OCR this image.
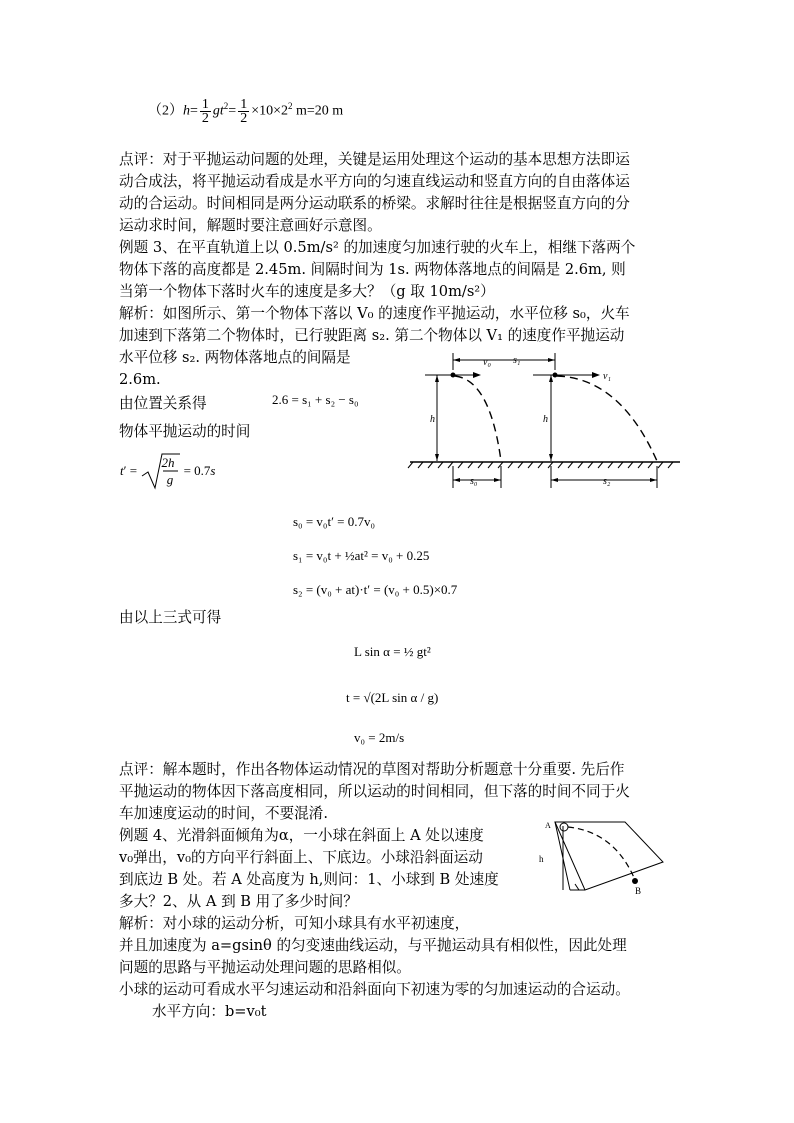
$(2)h= \frac{1}{2} gt^2= \frac{1}{2} \times 10\times 2^2$ m=20 m
点评：对于平抛运动问题的处理，关键是运用处理这个运动的基本思想方法即运
动合成法，将平抛运动看成是水平方向的匀速直线运动和竖直方向的自由落体运
动的合运动。时间相同是两分运动联系的桥梁。求解时往往是根据竖直方向的分
运动求时间，解题时要注意画好示意图。
例题 3、在平直轨道上以 0.5m/s² 的加速度匀加速行驶的火车上，相继下落两个
物体下落的高度都是 2.45m. 间隔时间为 1s. 两物体落地点的间隔是 2.6m, 则
当第一个物体下落时火车的速度是多大？（g 取 10m/s²）
解析：如图所示、第一个物体下落以 V₀ 的速度作平抛运动，水平位移 s₀，火车
加速到下落第二个物体时，已行驶距离 s₂. 第二个物体以 V₁ 的速度作平抛运动
水平位移 s₂. 两物体落地点的间隔是
2.6m.
由位置关系得	2.6 = s₁ + s₂ − s₀
物体平抛运动的时间
t′ =
2h
g
= 0.7s
v₀ s₁
h
v₁
h
s₀	s₂
s₀ = v₀t′ = 0.7v₀
s₁ = v₀t + ½at² = v₀ + 0.25
s₂ = (v₀ + at)·t′ = (v₀ + 0.5)×0.7
由以上三式可得
L sin α = ½ gt²
t = √(2L sin α / g)
v₀ = 2m/s
点评：解本题时，作出各物体运动情况的草图对帮助分析题意十分重要. 先后作
平抛运动的物体因下落高度相同，所以运动的时间相同，但下落的时间不同于火
车加速度运动的时间，不要混淆.
例题 4、光滑斜面倾角为α，一小球在斜面上 A 处以速度
v₀弹出，v₀的方向平行斜面上、下底边。小球沿斜面运动
到底边 B 处。若 A 处高度为 h,则问：1、小球到 B 处速度
多大？2、从 A 到 B 用了多少时间？
A
h
B
解析：对小球的运动分析，可知小球具有水平初速度，
并且加速度为 a=gsinθ 的匀变速曲线运动，与平抛运动具有相似性，因此处理
问题的思路与平抛运动处理问题的思路相似。
小球的运动可看成水平匀速运动和沿斜面向下初速为零的匀加速运动的合运动。
水平方向：b=v₀t
